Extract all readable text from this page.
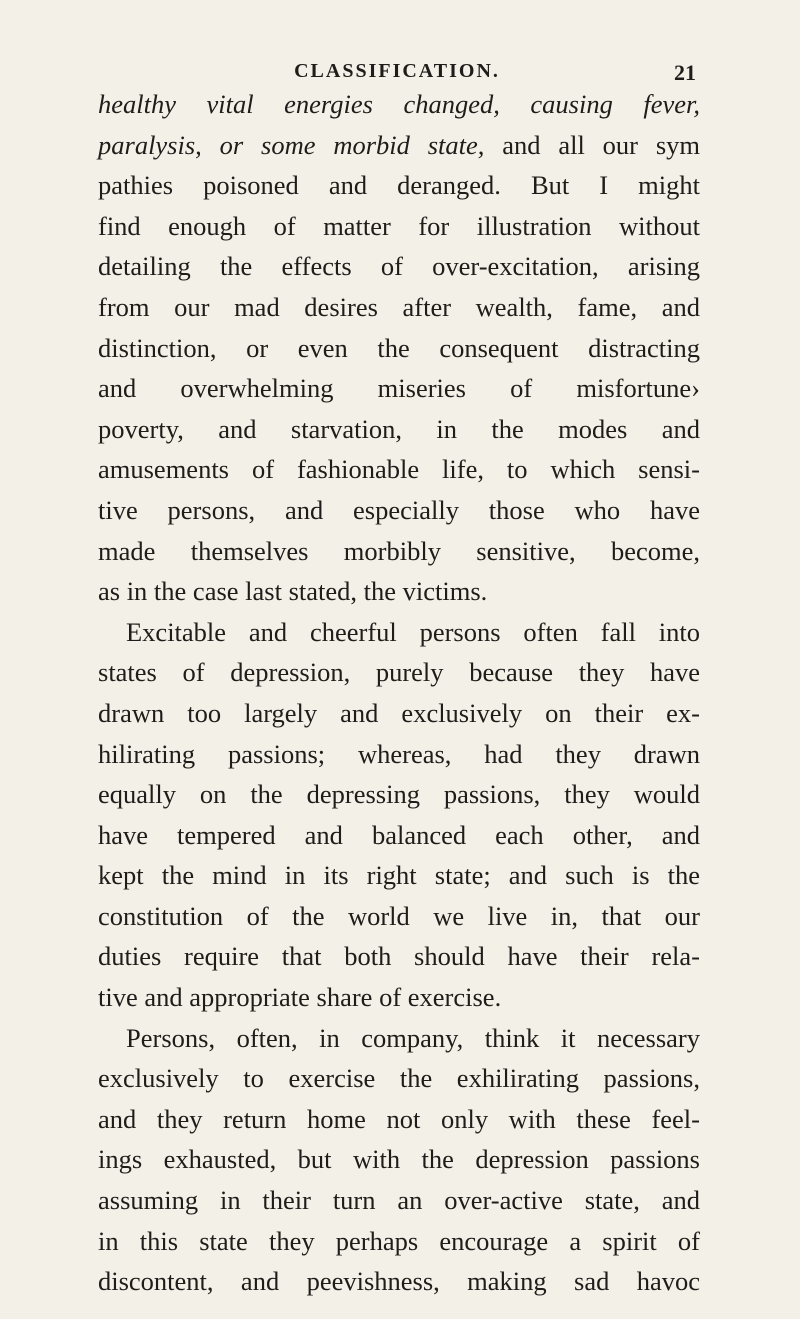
CLASSIFICATION.	21
healthy vital energies changed, causing fever,
paralysis, or some morbid state, and all our sym
pathies poisoned and deranged. But I might
find enough of matter for illustration without
detailing the effects of over-excitation, arising
from our mad desires after wealth, fame, and
distinction, or even the consequent distracting
and overwhelming miseries of misfortune›
poverty, and starvation, in the modes and
amusements of fashionable life, to which sensi-
tive persons, and especially those who have
made themselves morbibly sensitive, become,
as in the case last stated, the victims.
Excitable and cheerful persons often fall into
states of depression, purely because they have
drawn too largely and exclusively on their ex-
hilirating passions; whereas, had they drawn
equally on the depressing passions, they would
have tempered and balanced each other, and
kept the mind in its right state; and such is the
constitution of the world we live in, that our
duties require that both should have their rela-
tive and appropriate share of exercise.
Persons, often, in company, think it necessary
exclusively to exercise the exhilirating passions,
and they return home not only with these feel-
ings exhausted, but with the depression passions
assuming in their turn an over-active state, and
in this state they perhaps encourage a spirit of
discontent, and peevishness, making sad havoc
